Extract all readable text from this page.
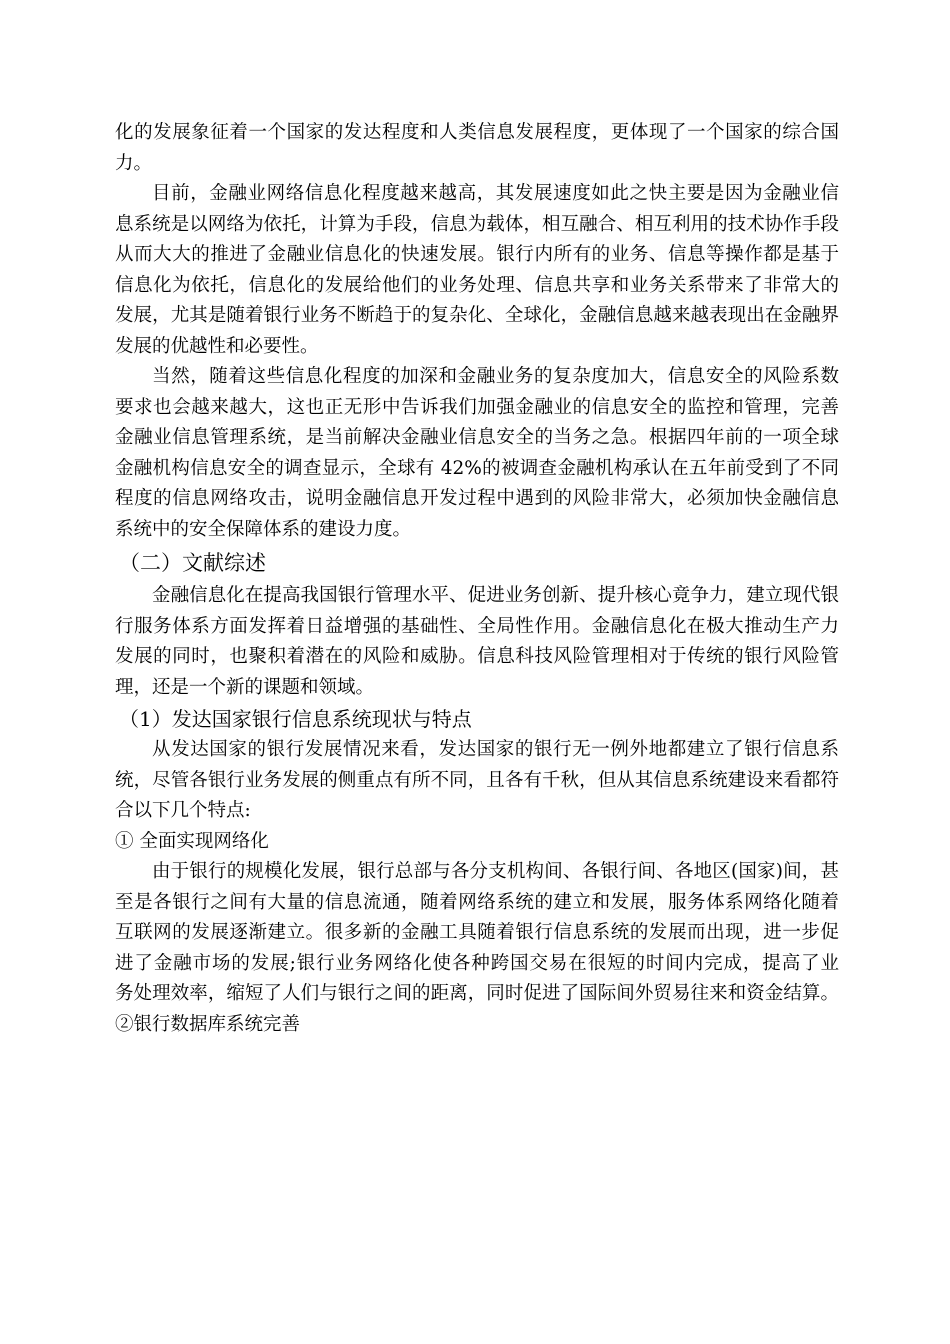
化的发展象征着一个国家的发达程度和人类信息发展程度，更体现了一个国家的综合国
力。
目前，金融业网络信息化程度越来越高，其发展速度如此之快主要是因为金融业信
息系统是以网络为依托，计算为手段，信息为载体，相互融合、相互利用的技术协作手段
从而大大的推进了金融业信息化的快速发展。银行内所有的业务、信息等操作都是基于
信息化为依托，信息化的发展给他们的业务处理、信息共享和业务关系带来了非常大的
发展，尤其是随着银行业务不断趋于的复杂化、全球化，金融信息越来越表现出在金融界
发展的优越性和必要性。
当然，随着这些信息化程度的加深和金融业务的复杂度加大，信息安全的风险系数
要求也会越来越大，这也正无形中告诉我们加强金融业的信息安全的监控和管理，完善
金融业信息管理系统，是当前解决金融业信息安全的当务之急。根据四年前的一项全球
金融机构信息安全的调查显示，全球有 42%的被调查金融机构承认在五年前受到了不同
程度的信息网络攻击，说明金融信息开发过程中遇到的风险非常大，必须加快金融信息
系统中的安全保障体系的建设力度。
（二）文献综述
金融信息化在提高我国银行管理水平、促进业务创新、提升核心竟争力，建立现代银
行服务体系方面发挥着日益增强的基础性、全局性作用。金融信息化在极大推动生产力
发展的同时，也聚积着潜在的风险和威胁。信息科技风险管理相对于传统的银行风险管
理，还是一个新的课题和领域。
（1）发达国家银行信息系统现状与特点
从发达国家的银行发展情况来看，发达国家的银行无一例外地都建立了银行信息系
统，尽管各银行业务发展的侧重点有所不同，且各有千秋，但从其信息系统建设来看都符
合以下几个特点:
① 全面实现网络化
由于银行的规模化发展，银行总部与各分支机构间、各银行间、各地区(国家)间，甚
至是各银行之间有大量的信息流通，随着网络系统的建立和发展，服务体系网络化随着
互联网的发展逐渐建立。很多新的金融工具随着银行信息系统的发展而出现，进一步促
进了金融市场的发展;银行业务网络化使各种跨国交易在很短的时间内完成，提高了业
务处理效率，缩短了人们与银行之间的距离，同时促进了国际间外贸易往来和资金结算。
②银行数据库系统完善
